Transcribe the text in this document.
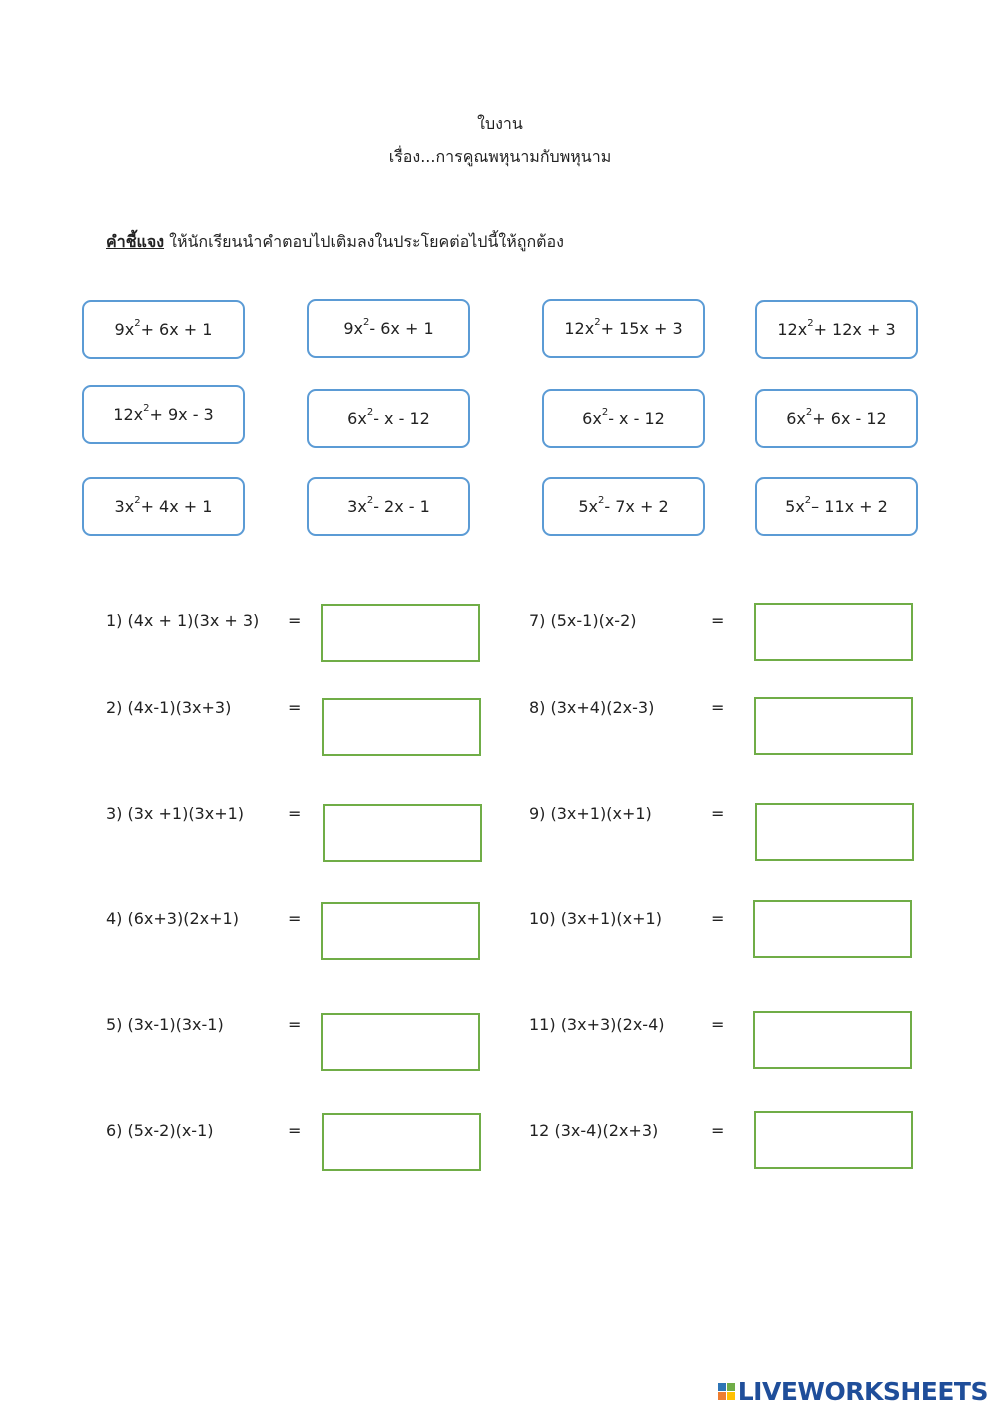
ใบงาน
เรื่อง...การคูณพหุนามกับพหุนาม
คำชี้แจง ให้นักเรียนนำคำตอบไปเติมลงในประโยคต่อไปนี้ให้ถูกต้อง
$9x^2 + 6x + 1$	$9x^2 - 6x + 1$	$12x^2 + 15x + 3$	$12x^2 + 12x + 3$
$12x^2 + 9x - 3$	$6x^2$ - x - 12	$6x^2$ - x - 12	$6x^2 + 6x - 12$
$3x^2 + 4x + 1$	$3x^2 - 2x - 1$	$5x^2 - 7x + 2$	$5x^2 - 11x + 2$
1) (4x + 1)(3x + 3) =
2) (4x-1)(3x+3)	=
3) (3x +1)(3x+1)	=
4) (6x+3)(2x+1)	=
5) (3x-1)(3x-1)	=
6) (5x-2)(x-1)	=
7) (5x-1)(x-2)	=
8) (3x+4)(2x-3)	=
9) (3x+1)(x+1)	=
10) (3x+1)(x+1)	=
11) (3x+3)(2x-4)	=
12 (3x-4)(2x+3)	=
LIVEWORKSHEETS
